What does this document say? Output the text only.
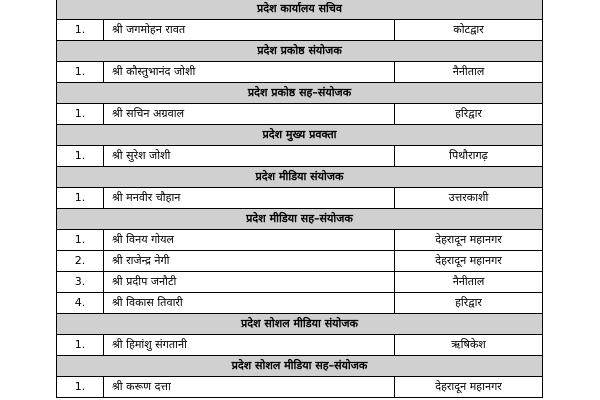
प्रदेश कार्यालय सचिव		
1.	श्री जगमोहन रावत	कोटद्वार
प्रदेश प्रकोष्ठ संयोजक		
1.	श्री कौस्तुभानंद जोशी	नैनीताल
प्रदेश प्रकोष्ठ सह–संयोजक		
1.	श्री सचिन अग्रवाल	हरिद्वार
प्रदेश मुख्य प्रवक्ता		
1.	श्री सुरेश जोशी	पिथौरागढ़
प्रदेश मीडिया संयोजक		
1.	श्री मनवीर चौहान	उत्तरकाशी
प्रदेश मीडिया सह–संयोजक		
1.	श्री विनय गोयल	देहरादून महानगर
2.	श्री राजेन्द्र नेगी	देहरादून महानगर
3.	श्री प्रदीप जनौटी	नैनीताल
4.	श्री विकास तिवारी	हरिद्वार
प्रदेश सोशल मीडिया संयोजक		
1.	श्री हिमांशु संगतानी	ऋषिकेश
प्रदेश सोशल मीडिया सह–संयोजक		
1.	श्री करूण दत्ता	देहरादून महानगर
